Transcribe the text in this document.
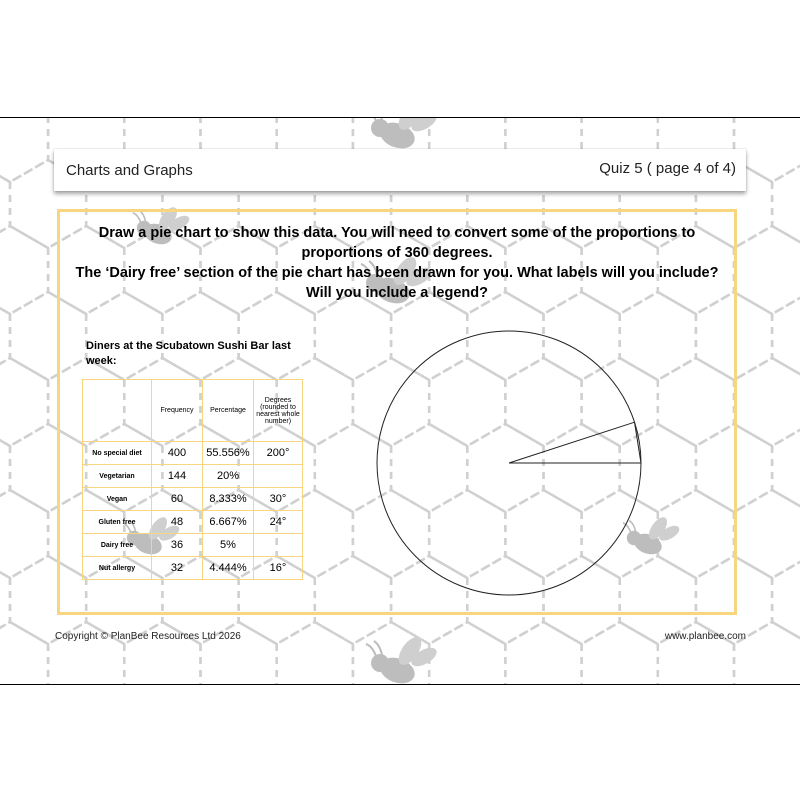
Charts and Graphs	Quiz 5 ( page 4 of 4)
Draw a pie chart to show this data. You will need to convert some of the proportions to
proportions of 360 degrees.
The ‘Dairy free’ section of the pie chart has been drawn for you. What labels will you include?
Will you include a legend?
Diners at the Scubatown Sushi Bar last week:
	Frequency	Percentage	Degrees (rounded to nearest whole number)
No special diet	400	55.556%	200°
Vegetarian	144	20%	
Vegan	60	8.333%	30°
Gluten free	48	6.667%	24°
Dairy free	36	5%	
Nut allergy	32	4.444%	16°
Copyright © PlanBee Resources Ltd 2026	www.planbee.com
